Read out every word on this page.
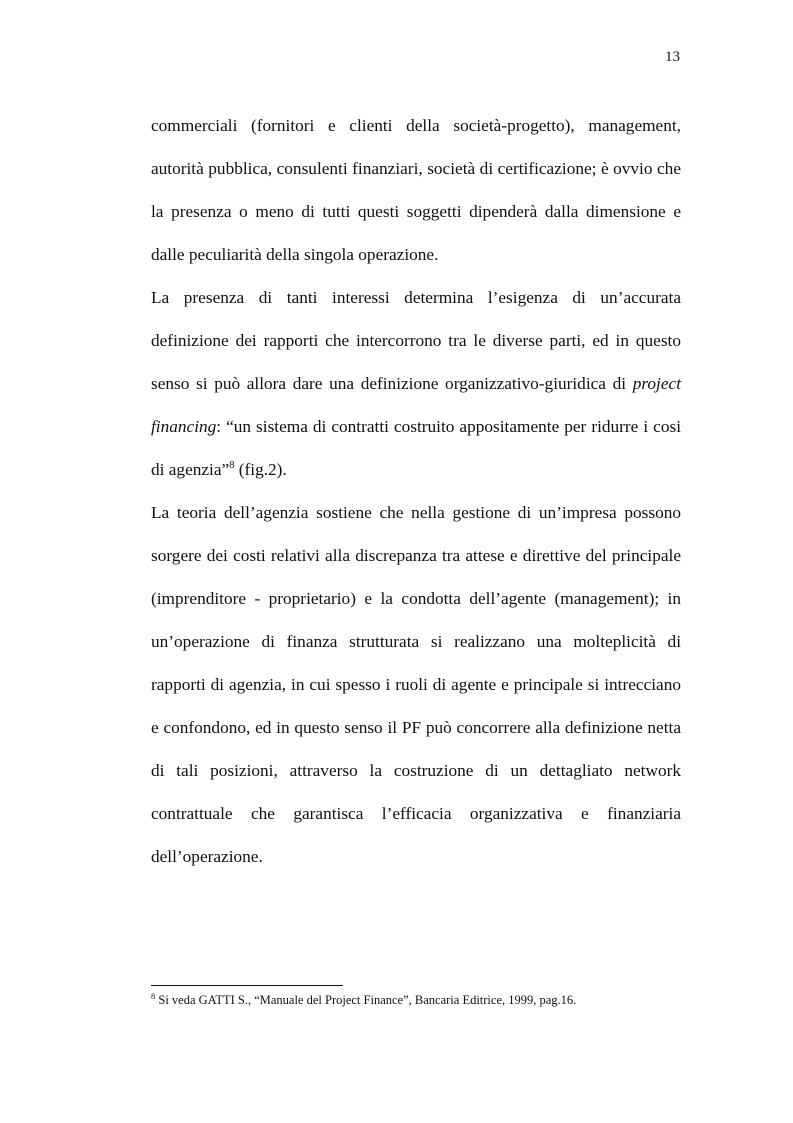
13

commerciali (fornitori e clienti della società-progetto), management, autorità pubblica, consulenti finanziari, società di certificazione; è ovvio che la presenza o meno di tutti questi soggetti dipenderà dalla dimensione e dalle peculiarità della singola operazione.

La presenza di tanti interessi determina l’esigenza di un’accurata definizione dei rapporti che intercorrono tra le diverse parti, ed in questo senso si può allora dare una definizione organizzativo-giuridica di project financing: “un sistema di contratti costruito appositamente per ridurre i cosi di agenzia”$^8$ (fig.2).

La teoria dell’agenzia sostiene che nella gestione di un’impresa possono sorgere dei costi relativi alla discrepanza tra attese e direttive del principale (imprenditore - proprietario) e la condotta dell’agente (management); in un’operazione di finanza strutturata si realizzano una molteplicità di rapporti di agenzia, in cui spesso i ruoli di agente e principale si intrecciano e confondono, ed in questo senso il PF può concorrere alla definizione netta di tali posizioni, attraverso la costruzione di un dettagliato network contrattuale che garantisca l’efficacia organizzativa e finanziaria dell’operazione.

$^8$ Si veda GATTI S., “Manuale del Project Finance”, Bancaria Editrice, 1999, pag.16.
